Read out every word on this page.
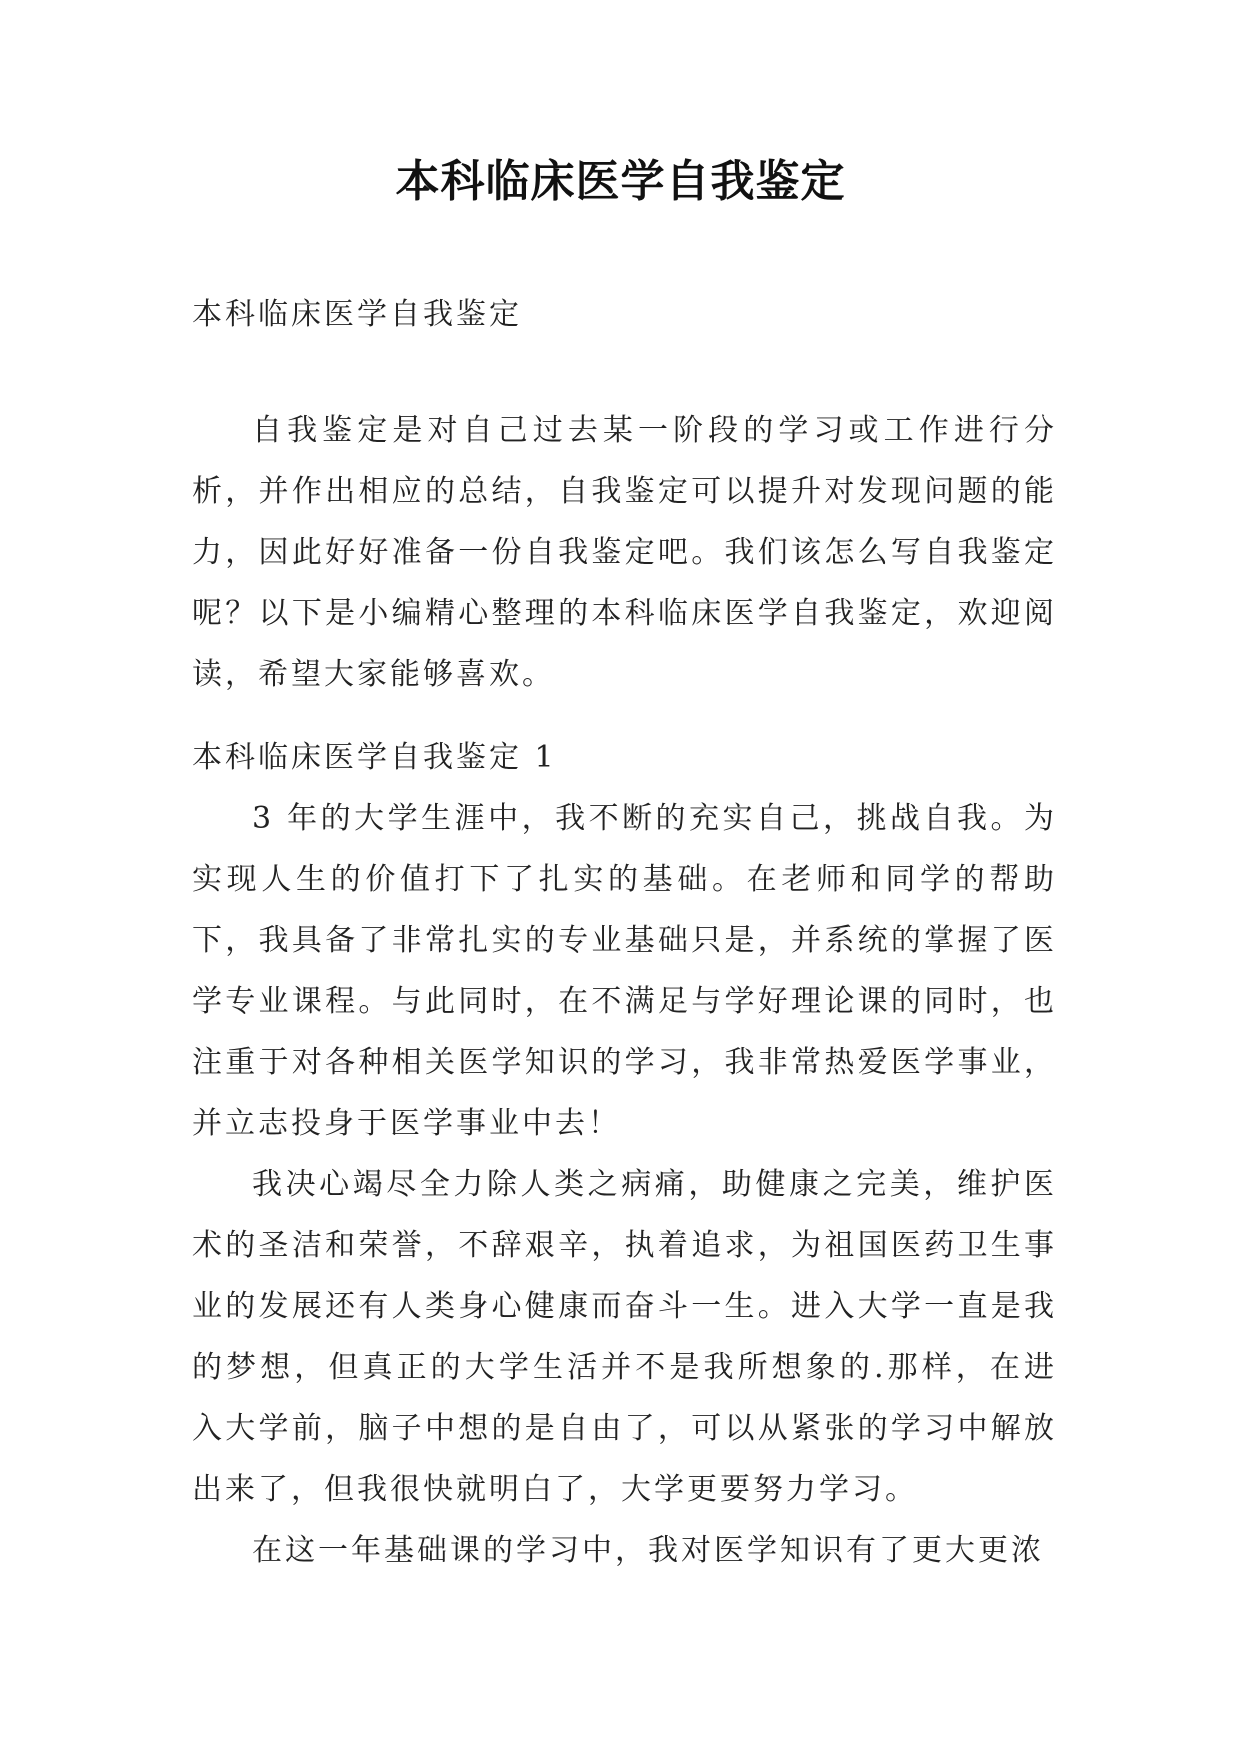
本科临床医学自我鉴定
本科临床医学自我鉴定

自我鉴定是对自己过去某一阶段的学习或工作进行分析，并作出相应的总结，自我鉴定可以提升对发现问题的能力，因此好好准备一份自我鉴定吧。我们该怎么写自我鉴定呢？以下是小编精心整理的本科临床医学自我鉴定，欢迎阅读，希望大家能够喜欢。

本科临床医学自我鉴定 1

3 年的大学生涯中，我不断的充实自己，挑战自我。为实现人生的价值打下了扎实的基础。在老师和同学的帮助下，我具备了非常扎实的专业基础只是，并系统的掌握了医学专业课程。与此同时，在不满足与学好理论课的同时，也注重于对各种相关医学知识的学习，我非常热爱医学事业，并立志投身于医学事业中去！

我决心竭尽全力除人类之病痛，助健康之完美，维护医术的圣洁和荣誉，不辞艰辛，执着追求，为祖国医药卫生事业的发展还有人类身心健康而奋斗一生。进入大学一直是我的梦想，但真正的大学生活并不是我所想象的.那样，在进入大学前，脑子中想的是自由了，可以从紧张的学习中解放出来了，但我很快就明白了，大学更要努力学习。

在这一年基础课的学习中，我对医学知识有了更大更浓
